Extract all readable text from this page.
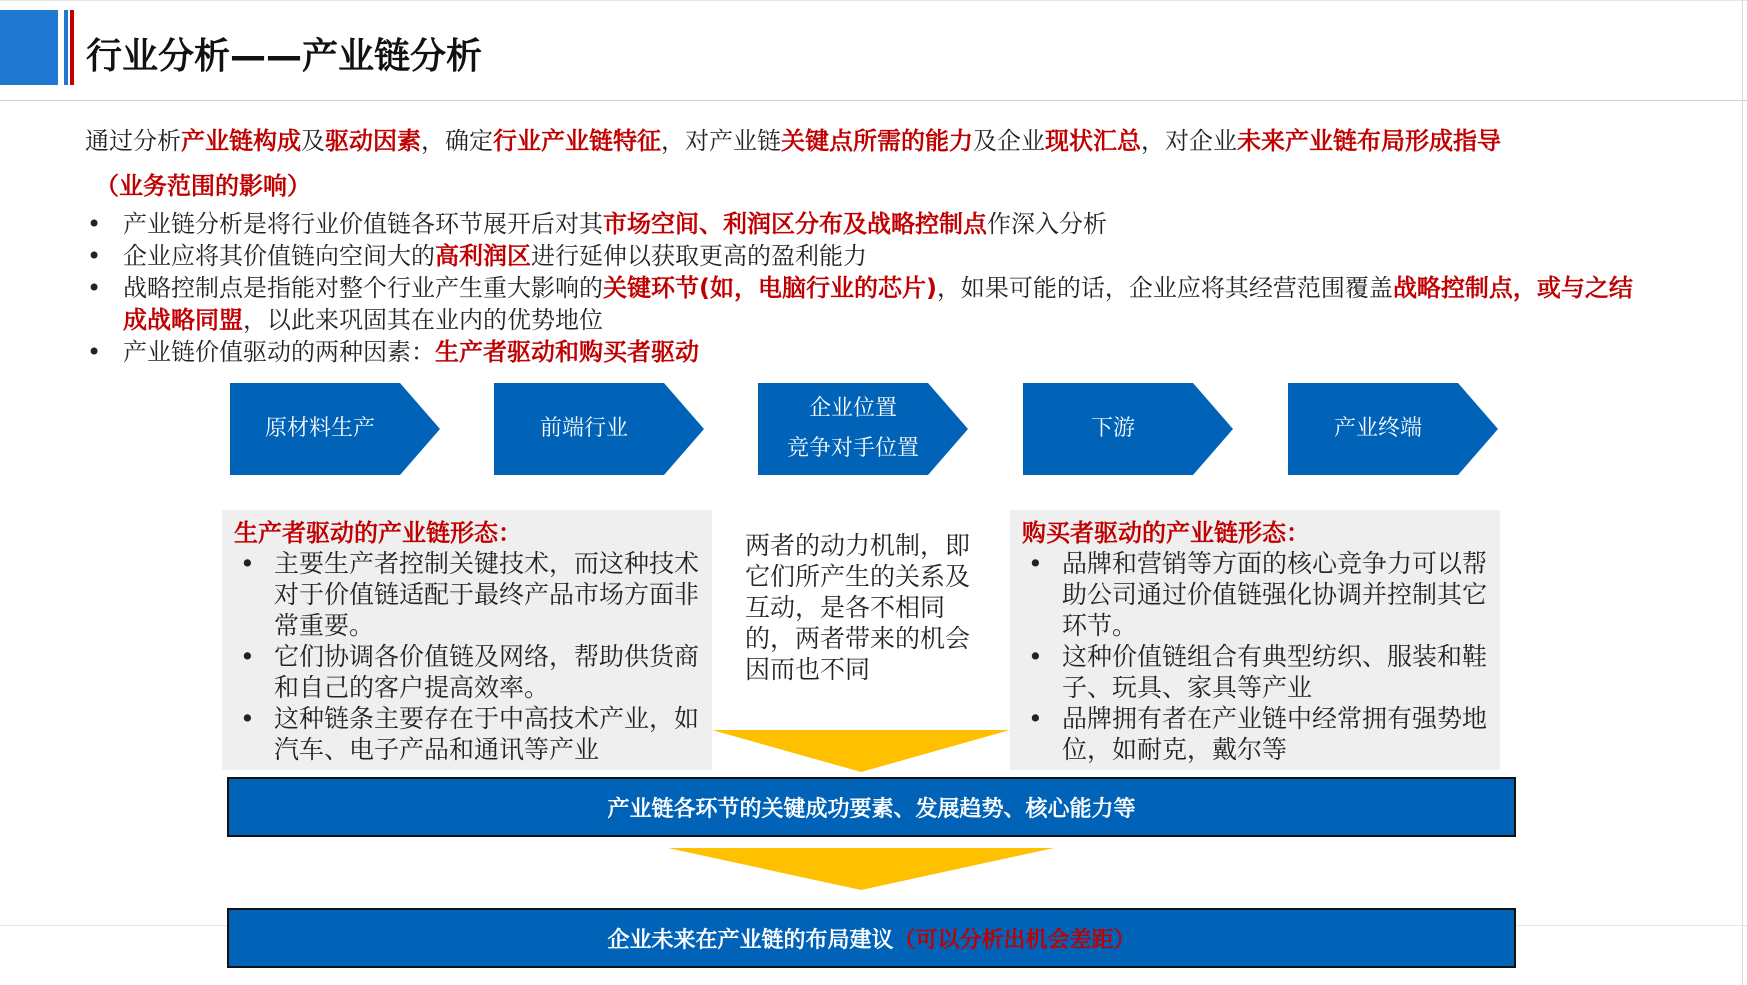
行业分析——产业链分析
通过分析产业链构成及驱动因素，确定行业产业链特征，对产业链关键点所需的能力及企业现状汇总，对企业未来产业链布局形成指导
（业务范围的影响）
• 产业链分析是将行业价值链各环节展开后对其市场空间、利润区分布及战略控制点作深入分析
• 企业应将其价值链向空间大的高利润区进行延伸以获取更高的盈利能力
• 战略控制点是指能对整个行业产生重大影响的关键环节(如，电脑行业的芯片)，如果可能的话，企业应将其经营范围覆盖战略控制点，或与之结成战略同盟，以此来巩固其在业内的优势地位
• 产业链价值驱动的两种因素：生产者驱动和购买者驱动
原材料生产	前端行业
企业位置
竞争对手位置
下游	产业终端
生产者驱动的产业链形态：
• 主要生产者控制关键技术，而这种技术对于价值链适配于最终产品市场方面非常重要。
• 它们协调各价值链及网络，帮助供货商和自己的客户提高效率。
• 这种链条主要存在于中高技术产业，如汽车、电子产品和通讯等产业
两者的动力机制，即它们所产生的关系及互动，是各不相同的，两者带来的机会因而也不同
购买者驱动的产业链形态：
• 品牌和营销等方面的核心竞争力可以帮助公司通过价值链强化协调并控制其它环节。
• 这种价值链组合有典型纺织、服装和鞋子、玩具、家具等产业
• 品牌拥有者在产业链中经常拥有强势地位，如耐克，戴尔等
产业链各环节的关键成功要素、发展趋势、核心能力等
企业未来在产业链的布局建议 （可以分析出机会差距）
